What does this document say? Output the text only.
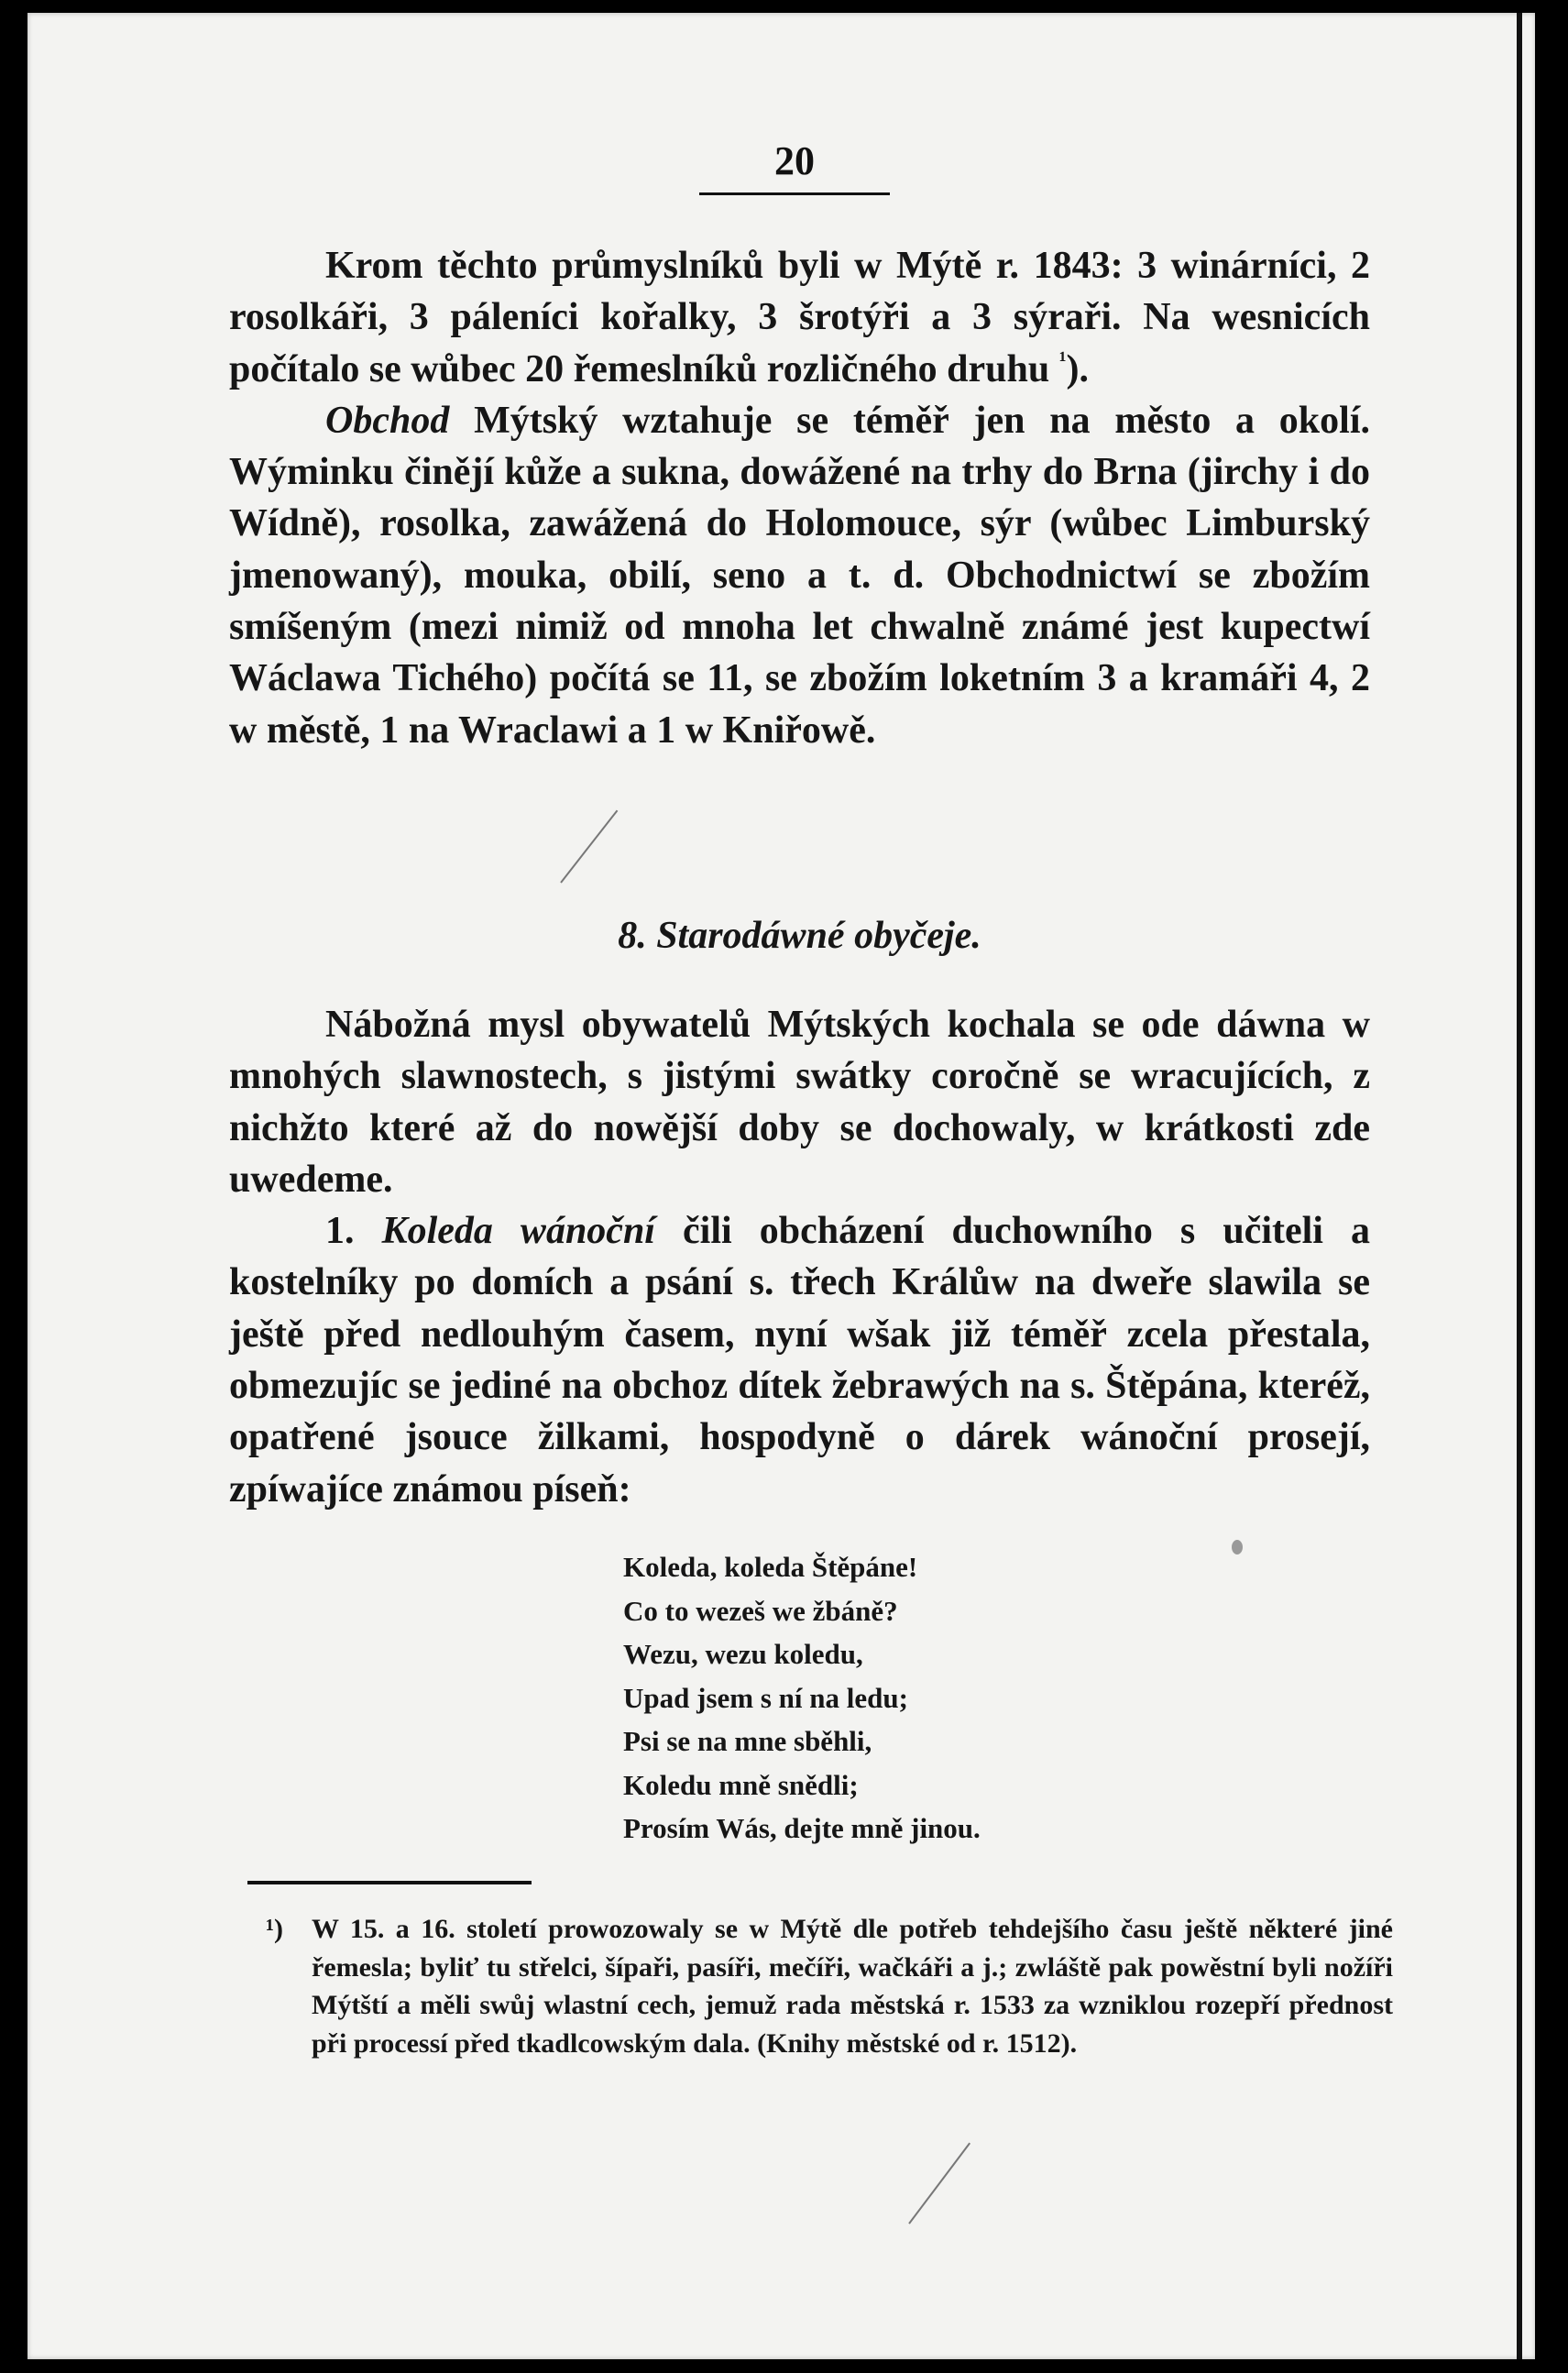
20

Krom těchto průmyslníků byli w Mýtě r. 1843: 3 winárníci, 2 rosolkáři, 3 páleníci kořalky, 3 šrotýři a 3 sýraři. Na wesnicích počítalo se wůbec 20 řemeslníků rozličného druhu $^{^1}$).

Obchod Mýtský wztahuje se téměř jen na město a okolí. Wýminku činějí kůže a sukna, dowážené na trhy do Brna (jirchy i do Wídně), rosolka, zawážená do Holomouce, sýr (wůbec Limburský jmenowaný), mouka, obilí, seno a t. d. Obchodnictwí se zbožím smíšeným (mezi nimiž od mnoha let chwalně známé jest kupectwí Wáclawa Tichého) počítá se 11, se zbožím loketním 3 a kramáři 4, 2 w městě, 1 na Wraclawi a 1 w Kniřowě.

8. Starodáwné obyčeje.

Nábožná mysl obywatelů Mýtských kochala se ode dáwna w mnohých slawnostech, s jistými swátky coročně se wracujících, z nichžto které až do nowější doby se dochowaly, w krátkosti zde uwedeme.

1. Koleda wánoční čili obcházení duchowního s učiteli a kostelníky po domích a psání s. třech Králůw na dweře slawila se ještě před nedlouhým časem, nyní wšak již téměř zcela přestala, obmezujíc se jediné na obchoz dítek žebrawých na s. Štěpána, kteréž, opatřené jsouce žilkami, hospodyně o dárek wánoční prosejí, zpíwajíce známou píseň:

Koleda, koleda Štěpáne!
Co to wezeš we žbáně?
Wezu, wezu koledu,
Upad jsem s ní na ledu;
Psi se na mne sběhli,
Koledu mně snědli;
Prosím Wás, dejte mně jinou.
¹) W 15. a 16. století prowozowaly se w Mýtě dle potřeb tehdejšího času ještě některé jiné řemesla; byliť tu střelci, šípaři, pasíři, mečíři, wačkáři a j.; zwláště pak powěstní byli nožíři Mýtští a měli swůj wlastní cech, jemuž rada městská r. 1533 za wzniklou rozepří přednost při processí před tkadlcowským dala. (Knihy městské od r. 1512).
